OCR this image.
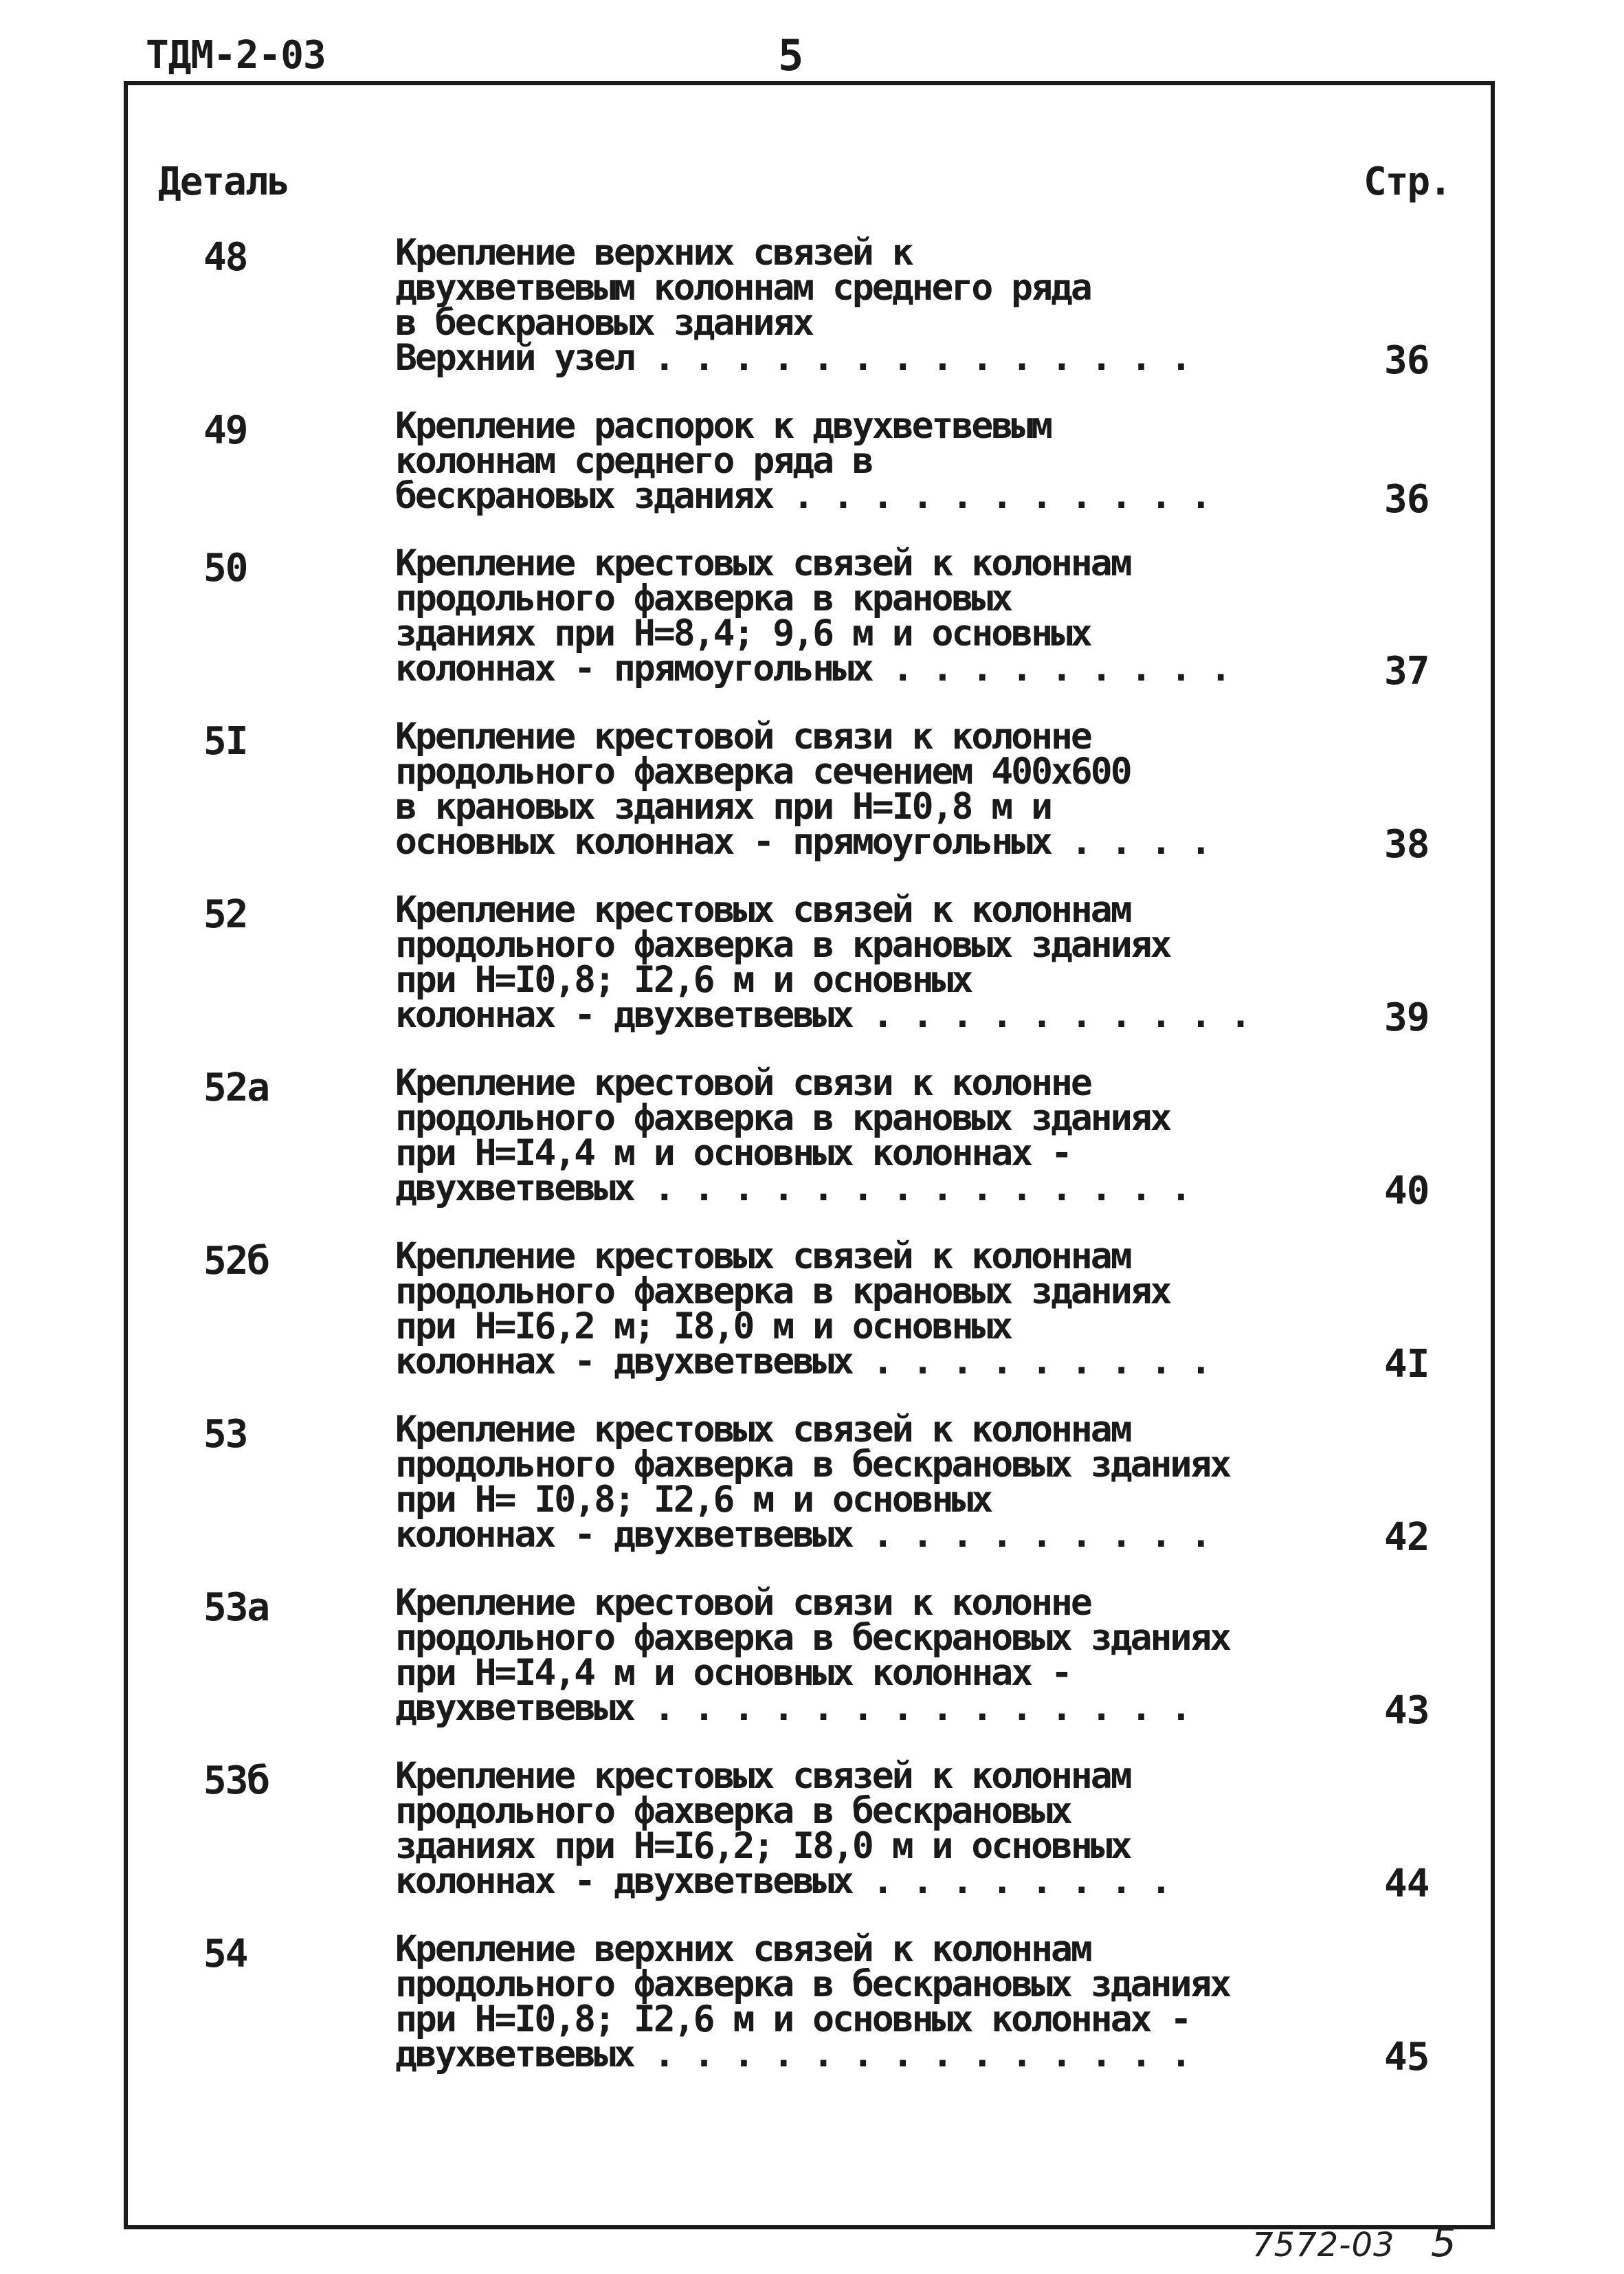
ТДМ-2-03	5
Деталь	Стр.
48	Крепление верхних связей к
двухветвевым колоннам среднего ряда
в бескрановых зданиях
Верхний узел . . . . . . . . . . . . . .	36
49	Крепление распорок к двухветвевым
колоннам среднего ряда в
бескрановых зданиях . . . . . . . . . . .	36
50	Крепление крестовых связей к колоннам
продольного фахверка в крановых
зданиях при Н=8,4; 9,6 м и основных
колоннах - прямоугольных . . . . . . . . .	37
5I	Крепление крестовой связи к колонне
продольного фахверка сечением 400х600
в крановых зданиях при Н=I0,8 м и
основных колоннах - прямоугольных . . . .	38
52	Крепление крестовых связей к колоннам
продольного фахверка в крановых зданиях
при Н=I0,8; I2,6 м и основных
колоннах - двухветвевых . . . . . . . . . .	39
52а	Крепление крестовой связи к колонне
продольного фахверка в крановых зданиях
при Н=I4,4 м и основных колоннах -
двухветвевых . . . . . . . . . . . . . .	40
52б	Крепление крестовых связей к колоннам
продольного фахверка в крановых зданиях
при Н=I6,2 м; I8,0 м и основных
колоннах - двухветвевых . . . . . . . . .	4I
53	Крепление крестовых связей к колоннам
продольного фахверка в бескрановых зданиях
при Н= I0,8; I2,6 м и основных
колоннах - двухветвевых . . . . . . . . .	42
53а	Крепление крестовой связи к колонне
продольного фахверка в бескрановых зданиях
при Н=I4,4 м и основных колоннах -
двухветвевых . . . . . . . . . . . . . .	43
53б	Крепление крестовых связей к колоннам
продольного фахверка в бескрановых
зданиях при Н=I6,2; I8,0 м и основных
колоннах - двухветвевых . . . . . . . .	44
54	Крепление верхних связей к колоннам
продольного фахверка в бескрановых зданиях
при Н=I0,8; I2,6 м и основных колоннах -
двухветвевых . . . . . . . . . . . . . .	45
7572-03 5
